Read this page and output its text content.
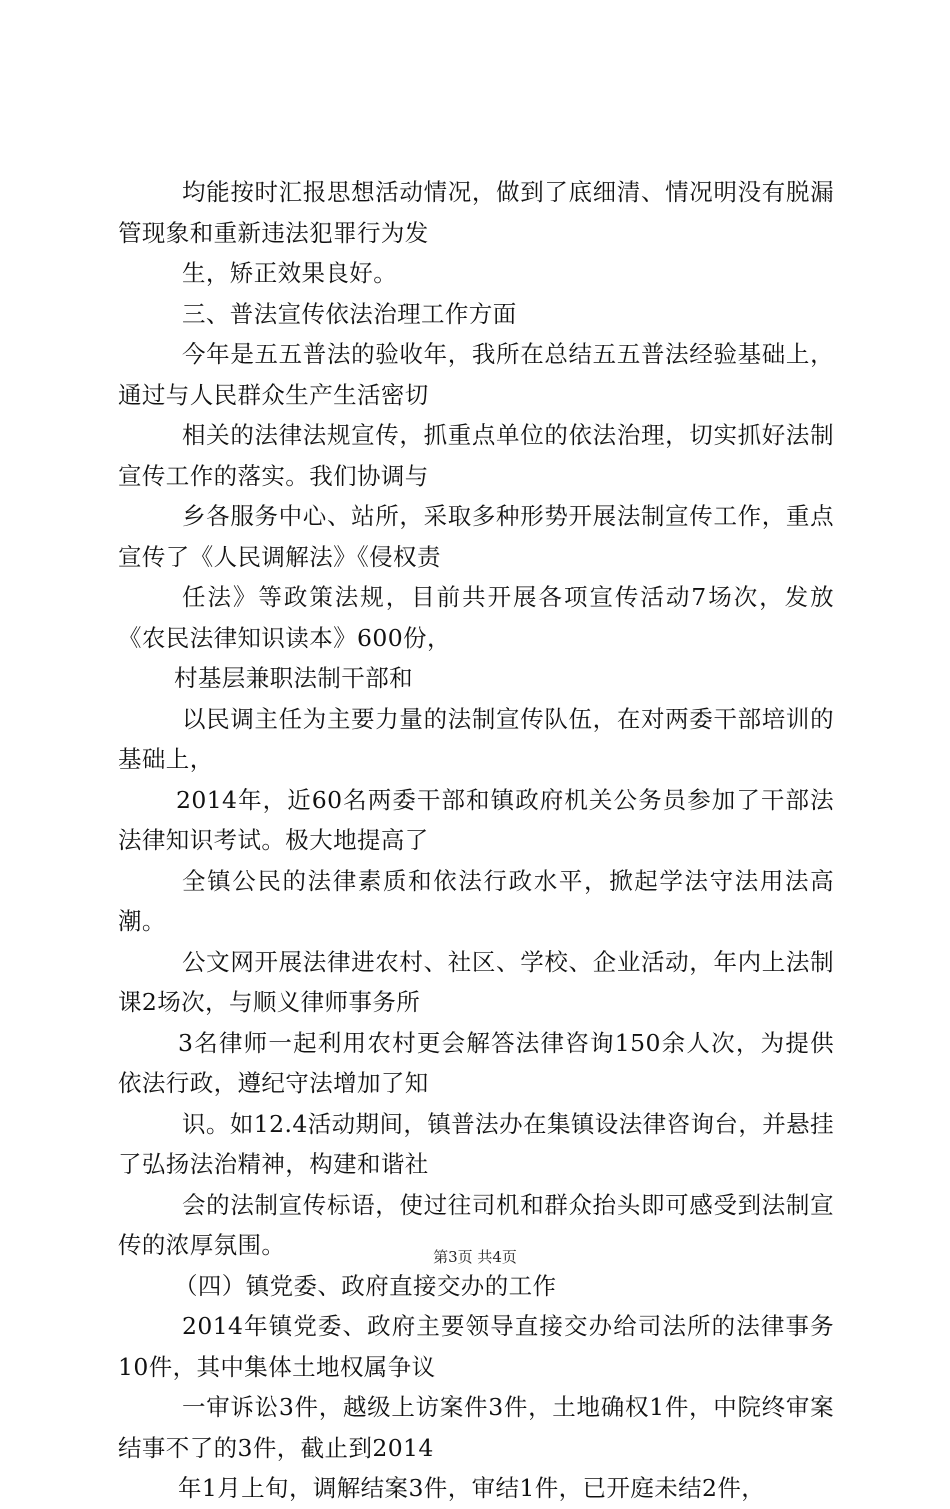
均能按时汇报思想活动情况，做到了底细清、情况明没有脱漏管现象和重新违法犯罪行为发

生，矫正效果良好。

三、普法宣传依法治理工作方面

今年是五五普法的验收年，我所在总结五五普法经验基础上，通过与人民群众生产生活密切

相关的法律法规宣传，抓重点单位的依法治理，切实抓好法制宣传工作的落实。我们协调与

乡各服务中心、站所，采取多种形势开展法制宣传工作，重点宣传了《人民调解法》《侵权责

任法》等政策法规，目前共开展各项宣传活动7场次，发放《农民法律知识读本》600份，

村基层兼职法制干部和

以民调主任为主要力量的法制宣传队伍，在对两委干部培训的基础上，

2014年，近60名两委干部和镇政府机关公务员参加了干部法法律知识考试。极大地提高了

全镇公民的法律素质和依法行政水平，掀起学法守法用法高潮。

公文网开展法律进农村、社区、学校、企业活动，年内上法制课2场次，与顺义律师事务所

3名律师一起利用农村更会解答法律咨询150余人次，为提供依法行政，遵纪守法增加了知

识。如12.4活动期间，镇普法办在集镇设法律咨询台，并悬挂了弘扬法治精神，构建和谐社

会的法制宣传标语，使过往司机和群众抬头即可感受到法制宣传的浓厚氛围。

（四）镇党委、政府直接交办的工作

2014年镇党委、政府主要领导直接交办给司法所的法律事务10件，其中集体土地权属争议

一审诉讼3件，越级上访案件3件，土地确权1件，中院终审案结事不了的3件，截止到2014

年1月上旬，调解结案3件，审结1件，已开庭未结2件，

第3页 共4页
